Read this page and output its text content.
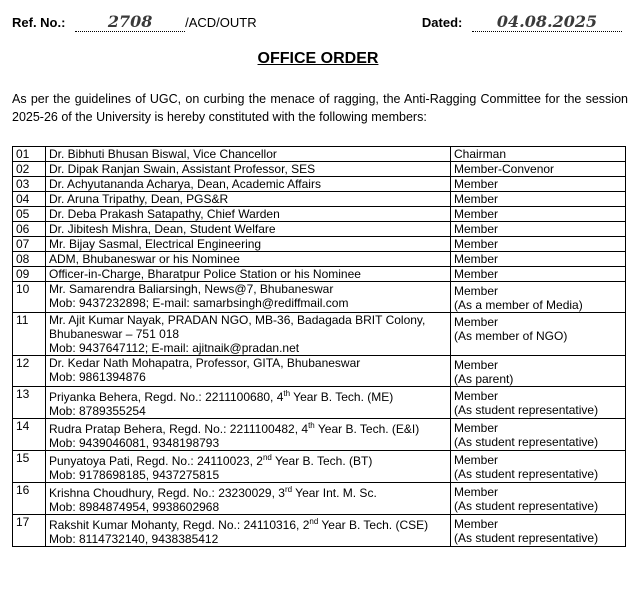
Ref. No.:	2708	/ACD/OUTR	Dated: 04.08.2025
OFFICE ORDER
As per the guidelines of UGC, on curbing the menace of ragging, the Anti-Ragging Committee for the session 2025-26 of the University is hereby constituted with the following members:
01	Dr. Bibhuti Bhusan Biswal, Vice Chancellor	Chairman

02	Dr. Dipak Ranjan Swain, Assistant Professor, SES	Member-Convenor

03	Dr. Achyutananda Acharya, Dean, Academic Affairs	Member

04	Dr. Aruna Tripathy, Dean, PGS&R	Member

05	Dr. Deba Prakash Satapathy, Chief Warden	Member

06	Dr. Jibitesh Mishra, Dean, Student Welfare	Member

07	Mr. Bijay Sasmal, Electrical Engineering	Member

08	ADM, Bhubaneswar or his Nominee	Member

09	Officer-in-Charge, Bharatpur Police Station or his Nominee	Member

10	Mr. Samarendra Baliarsingh, News@7, Bhubaneswar
Mob: 9437232898; E-mail: samarbsingh@rediffmail.com	Member
(As a member of Media)

11	Mr. Ajit Kumar Nayak, PRADAN NGO, MB-36, Badagada BRIT Colony,
Bhubaneswar – 751 018
Mob: 9437647112; E-mail: ajitnaik@pradan.net	Member
(As member of NGO)

12	Dr. Kedar Nath Mohapatra, Professor, GITA, Bhubaneswar
Mob: 9861394876	Member
(As parent)

13	Priyanka Behera, Regd. No.: 2211100680, 4th Year B. Tech. (ME)
Mob: 8789355254	Member
(As student representative)

14	Rudra Pratap Behera, Regd. No.: 2211100482, 4th Year B. Tech. (E&I)
Mob: 9439046081, 9348198793	Member
(As student representative)

15	Punyatoya Pati, Regd. No.: 24110023, 2nd Year B. Tech. (BT)
Mob: 9178698185, 9437275815	Member
(As student representative)

16	Krishna Choudhury, Regd. No.: 23230029, 3rd Year Int. M. Sc.
Mob: 8984874954, 9938602968	Member
(As student representative)

17	Rakshit Kumar Mohanty, Regd. No.: 24110316, 2nd Year B. Tech. (CSE)
Mob: 8114732140, 9438385412	Member
(As student representative)
